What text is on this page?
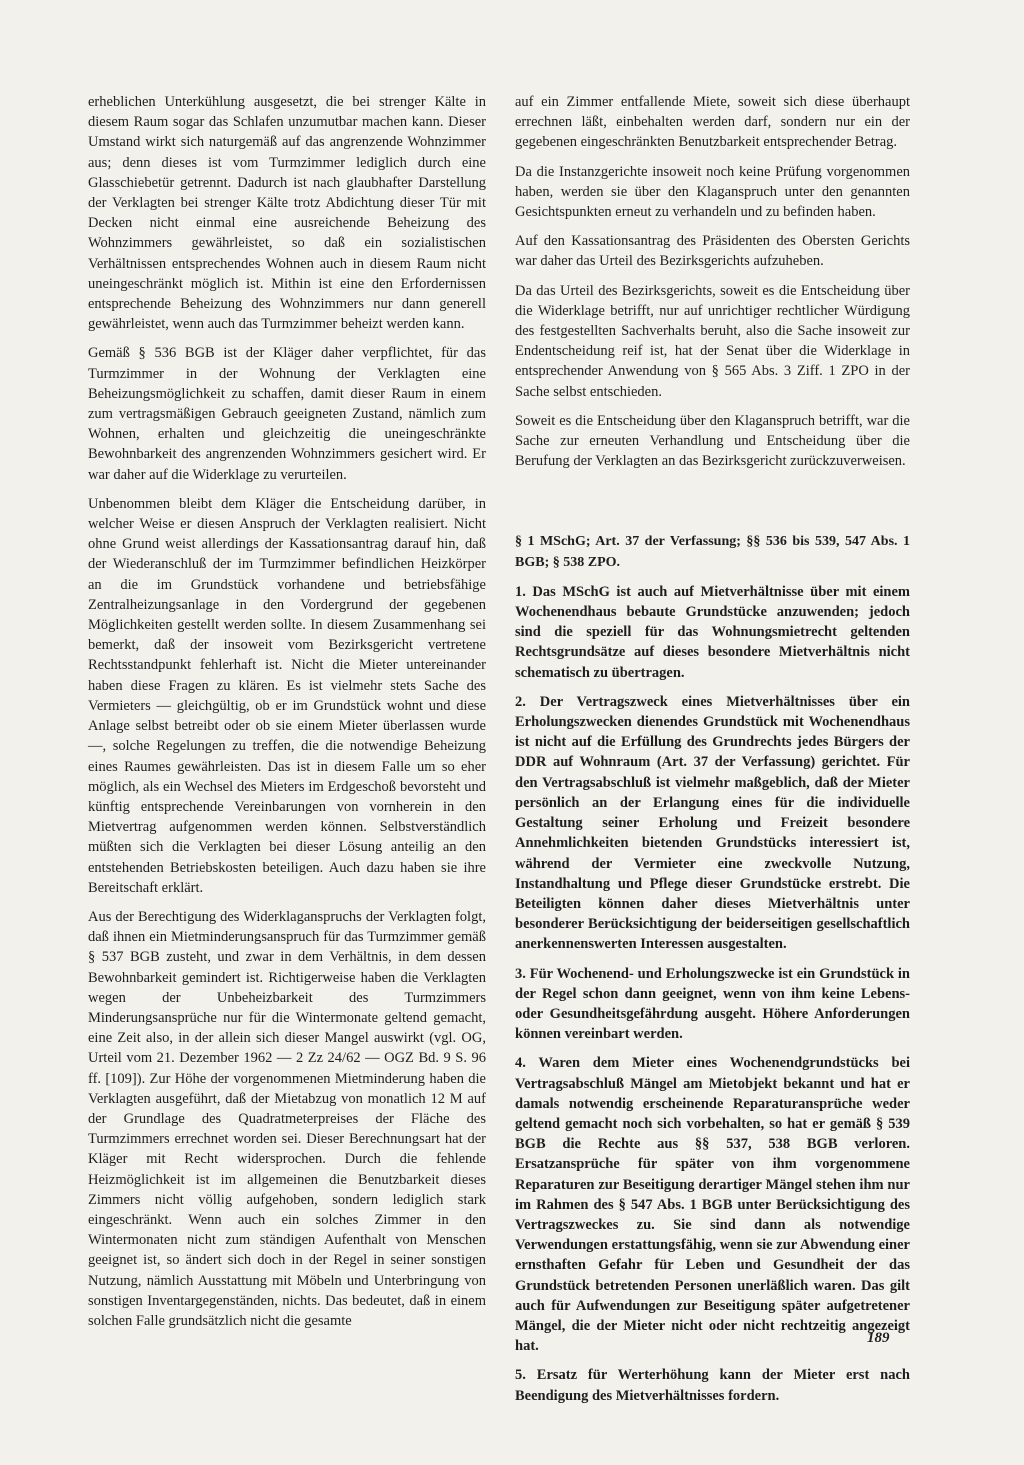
erheblichen Unterkühlung ausgesetzt, die bei strenger Kälte in diesem Raum sogar das Schlafen unzumutbar machen kann. Dieser Umstand wirkt sich naturgemäß auf das angrenzende Wohnzimmer aus; denn dieses ist vom Turmzimmer lediglich durch eine Glasschiebetür getrennt. Dadurch ist nach glaubhafter Darstellung der Verklagten bei strenger Kälte trotz Abdichtung dieser Tür mit Decken nicht einmal eine ausreichende Beheizung des Wohnzimmers gewährleistet, so daß ein sozialistischen Verhältnissen entsprechendes Wohnen auch in diesem Raum nicht uneingeschränkt möglich ist. Mithin ist eine den Erfordernissen entsprechende Beheizung des Wohnzimmers nur dann generell gewährleistet, wenn auch das Turmzimmer beheizt werden kann.

Gemäß § 536 BGB ist der Kläger daher verpflichtet, für das Turmzimmer in der Wohnung der Verklagten eine Beheizungsmöglichkeit zu schaffen, damit dieser Raum in einem zum vertragsmäßigen Gebrauch geeigneten Zustand, nämlich zum Wohnen, erhalten und gleichzeitig die uneingeschränkte Bewohnbarkeit des angrenzenden Wohnzimmers gesichert wird. Er war daher auf die Widerklage zu verurteilen.

Unbenommen bleibt dem Kläger die Entscheidung darüber, in welcher Weise er diesen Anspruch der Verklagten realisiert. Nicht ohne Grund weist allerdings der Kassationsantrag darauf hin, daß der Wiederanschluß der im Turmzimmer befindlichen Heizkörper an die im Grundstück vorhandene und betriebsfähige Zentralheizungsanlage in den Vordergrund der gegebenen Möglichkeiten gestellt werden sollte. In diesem Zusammenhang sei bemerkt, daß der insoweit vom Bezirksgericht vertretene Rechtsstandpunkt fehlerhaft ist. Nicht die Mieter untereinander haben diese Fragen zu klären. Es ist vielmehr stets Sache des Vermieters — gleichgültig, ob er im Grundstück wohnt und diese Anlage selbst betreibt oder ob sie einem Mieter überlassen wurde —, solche Regelungen zu treffen, die die notwendige Beheizung eines Raumes gewährleisten. Das ist in diesem Falle um so eher möglich, als ein Wechsel des Mieters im Erdgeschoß bevorsteht und künftig entsprechende Vereinbarungen von vornherein in den Mietvertrag aufgenommen werden können. Selbstverständlich müßten sich die Verklagten bei dieser Lösung anteilig an den entstehenden Betriebskosten beteiligen. Auch dazu haben sie ihre Bereitschaft erklärt.

Aus der Berechtigung des Widerklaganspruchs der Verklagten folgt, daß ihnen ein Mietminderungsanspruch für das Turmzimmer gemäß § 537 BGB zusteht, und zwar in dem Verhältnis, in dem dessen Bewohnbarkeit gemindert ist. Richtigerweise haben die Verklagten wegen der Unbeheizbarkeit des Turmzimmers Minderungsansprüche nur für die Wintermonate geltend gemacht, eine Zeit also, in der allein sich dieser Mangel auswirkt (vgl. OG, Urteil vom 21. Dezember 1962 — 2 Zz 24/62 — OGZ Bd. 9 S. 96 ff. [109]). Zur Höhe der vorgenommenen Mietminderung haben die Verklagten ausgeführt, daß der Mietabzug von monatlich 12 M auf der Grundlage des Quadratmeterpreises der Fläche des Turmzimmers errechnet worden sei. Dieser Berechnungsart hat der Kläger mit Recht widersprochen. Durch die fehlende Heizmöglichkeit ist im allgemeinen die Benutzbarkeit dieses Zimmers nicht völlig aufgehoben, sondern lediglich stark eingeschränkt. Wenn auch ein solches Zimmer in den Wintermonaten nicht zum ständigen Aufenthalt von Menschen geeignet ist, so ändert sich doch in der Regel in seiner sonstigen Nutzung, nämlich Ausstattung mit Möbeln und Unterbringung von sonstigen Inventargegenständen, nichts. Das bedeutet, daß in einem solchen Falle grundsätzlich nicht die gesamte

auf ein Zimmer entfallende Miete, soweit sich diese überhaupt errechnen läßt, einbehalten werden darf, sondern nur ein der gegebenen eingeschränkten Benutzbarkeit entsprechender Betrag.

Da die Instanzgerichte insoweit noch keine Prüfung vorgenommen haben, werden sie über den Klaganspruch unter den genannten Gesichtspunkten erneut zu verhandeln und zu befinden haben.

Auf den Kassationsantrag des Präsidenten des Obersten Gerichts war daher das Urteil des Bezirksgerichts aufzuheben.

Da das Urteil des Bezirksgerichts, soweit es die Entscheidung über die Widerklage betrifft, nur auf unrichtiger rechtlicher Würdigung des festgestellten Sachverhalts beruht, also die Sache insoweit zur Endentscheidung reif ist, hat der Senat über die Widerklage in entsprechender Anwendung von § 565 Abs. 3 Ziff. 1 ZPO in der Sache selbst entschieden.

Soweit es die Entscheidung über den Klaganspruch betrifft, war die Sache zur erneuten Verhandlung und Entscheidung über die Berufung der Verklagten an das Bezirksgericht zurückzuverweisen.

§ 1 MSchG; Art. 37 der Verfassung; §§ 536 bis 539, 547 Abs. 1 BGB; § 538 ZPO.

1. Das MSchG ist auch auf Mietverhältnisse über mit einem Wochenendhaus bebaute Grundstücke anzuwenden; jedoch sind die speziell für das Wohnungsmietrecht geltenden Rechtsgrundsätze auf dieses besondere Mietverhältnis nicht schematisch zu übertragen.

2. Der Vertragszweck eines Mietverhältnisses über ein Erholungszwecken dienendes Grundstück mit Wochenendhaus ist nicht auf die Erfüllung des Grundrechts jedes Bürgers der DDR auf Wohnraum (Art. 37 der Verfassung) gerichtet. Für den Vertragsabschluß ist vielmehr maßgeblich, daß der Mieter persönlich an der Erlangung eines für die individuelle Gestaltung seiner Erholung und Freizeit besondere Annehmlichkeiten bietenden Grundstücks interessiert ist, während der Vermieter eine zweckvolle Nutzung, Instandhaltung und Pflege dieser Grundstücke erstrebt. Die Beteiligten können daher dieses Mietverhältnis unter besonderer Berücksichtigung der beiderseitigen gesellschaftlich anerkennenswerten Interessen ausgestalten.

3. Für Wochenend- und Erholungszwecke ist ein Grundstück in der Regel schon dann geeignet, wenn von ihm keine Lebens- oder Gesundheitsgefährdung ausgeht. Höhere Anforderungen können vereinbart werden.

4. Waren dem Mieter eines Wochenendgrundstücks bei Vertragsabschluß Mängel am Mietobjekt bekannt und hat er damals notwendig erscheinende Reparaturansprüche weder geltend gemacht noch sich vorbehalten, so hat er gemäß § 539 BGB die Rechte aus §§ 537, 538 BGB verloren. Ersatzansprüche für später von ihm vorgenommene Reparaturen zur Beseitigung derartiger Mängel stehen ihm nur im Rahmen des § 547 Abs. 1 BGB unter Berücksichtigung des Vertragszweckes zu. Sie sind dann als notwendige Verwendungen erstattungsfähig, wenn sie zur Abwendung einer ernsthaften Gefahr für Leben und Gesundheit der das Grundstück betretenden Personen unerläßlich waren. Das gilt auch für Aufwendungen zur Beseitigung später aufgetretener Mängel, die der Mieter nicht oder nicht rechtzeitig angezeigt hat.

5. Ersatz für Werterhöhung kann der Mieter erst nach Beendigung des Mietverhältnisses fordern.

189
